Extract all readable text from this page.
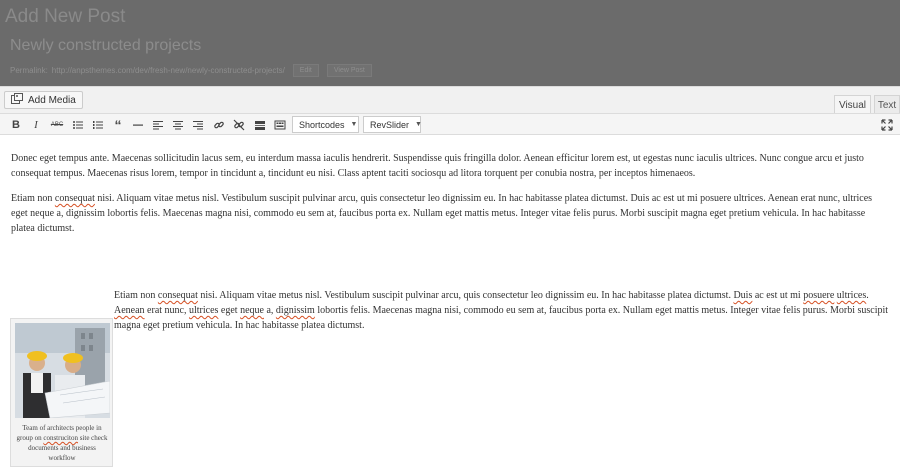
Add New Post
Newly constructed projects
Permalink: http://anpsthemes.com/dev/fresh-new/newly-constructed-projects/	Edit	View Post
Add Media	Visual	Text
B I ABC	“	Shortcodes ▼ RevSlider ▼

Donec eget tempus ante. Maecenas sollicitudin lacus sem, eu interdum massa iaculis hendrerit. Suspendisse quis fringilla dolor. Aenean efficitur lorem est, ut egestas nunc iaculis ultrices. Nunc congue arcu et justo consequat tempus. Maecenas risus lorem, tempor in tincidunt a, tincidunt eu nisi. Class aptent taciti sociosqu ad litora torquent per conubia nostra, per inceptos himenaeos.

Etiam non consequat nisi. Aliquam vitae metus nisl. Vestibulum suscipit pulvinar arcu, quis consectetur leo dignissim eu. In hac habitasse platea dictumst. Duis ac est ut mi posuere ultrices. Aenean erat nunc, ultrices eget neque a, dignissim lobortis felis. Maecenas magna nisi, commodo eu sem at, faucibus porta ex. Nullam eget mattis metus. Integer vitae felis purus. Morbi suscipit magna eget pretium vehicula. In hac habitasse platea dictumst.

Team of architects people in group on construciton site check documents and business workflow

Etiam non consequat nisi. Aliquam vitae metus nisl. Vestibulum suscipit pulvinar arcu, quis consectetur leo dignissim eu. In hac habitasse platea dictumst. Duis ac est ut mi posuere ultrices. Aenean erat nunc, ultrices eget neque a, dignissim lobortis felis. Maecenas magna nisi, commodo eu sem at, faucibus porta ex. Nullam eget mattis metus. Integer vitae felis purus. Morbi suscipit magna eget pretium vehicula. In hac habitasse platea dictumst.
